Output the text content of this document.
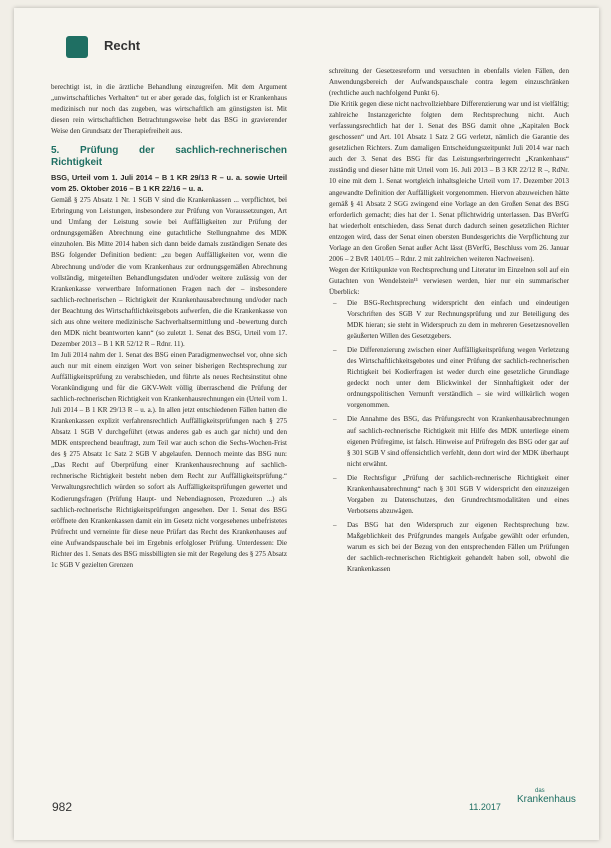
Recht

berechtigt ist, in die ärztliche Behandlung einzugreifen. Mit dem Argument „unwirtschaftliches Verhalten“ tut er aber gerade das, folglich ist er Krankenhaus medizinisch nur noch das zugeben, was wirtschaftlich am günstigsten ist. Mit diesen rein wirtschaftlichen Betrachtungsweise hebt das BSG in gravierender Weise den Grundsatz der Therapiefreiheit aus.

5. Prüfung der sachlich-rechnerischen Richtigkeit
BSG, Urteil vom 1. Juli 2014 – B 1 KR 29/13 R – u. a. sowie Urteil vom 25. Oktober 2016 – B 1 KR 22/16 – u. a.

Gemäß § 275 Absatz 1 Nr. 1 SGB V sind die Krankenkassen ... verpflichtet, bei Erbringung von Leistungen, insbesondere zur Prüfung von Voraussetzungen, Art und Umfang der Leistung sowie bei Auffälligkeiten zur Prüfung der ordnungsgemäßen Abrechnung eine gutachtliche Stellungnahme des MDK einzuholen. Bis Mitte 2014 haben sich dann beide damals zuständigen Senate des BSG folgender Definition bedient: „zu begen Auffälligkeiten vor, wenn die Abrechnung und/oder die vom Krankenhaus zur ordnungsgemäßen Abrechnung vollständig, mitgeteilten Behandlungsdaten und/oder weitere zulässig von der Krankenkasse verwertbare Informationen Fragen nach der – insbesondere sachlich-rechnerischen – Richtigkeit der Krankenhausabrechnung und/oder nach der Beachtung des Wirtschaftlichkeitsgebots aufwerfen, die die Krankenkasse von sich aus ohne weitere medizinische Sachverhaltsermittlung und -bewertung durch den MDK nicht beantworten kann“ (so zuletzt 1. Senat des BSG, Urteil vom 17. Dezember 2013 – B 1 KR 52/12 R – Rdnr. 11).

Im Juli 2014 nahm der 1. Senat des BSG einen Paradigmenwechsel vor, ohne sich auch nur mit einem einzigen Wort von seiner bisherigen Rechtsprechung zur Auffälligkeitsprüfung zu verabschieden, und führte als neues Rechtsinstitut ohne Vorankündigung und für die GKV-Welt völlig überraschend die Prüfung der sachlich-rechnerischen Richtigkeit von Krankenhausrechnungen ein (Urteil vom 1. Juli 2014 – B 1 KR 29/13 R – u. a.). In allen jetzt entschiedenen Fällen hatten die Krankenkassen explizit verfahrensrechtlich Auffälligkeitsprüfungen nach § 275 Absatz 1 SGB V durchgeführt (etwas anderes gab es auch gar nicht) und den MDK entsprechend beauftragt, zum Teil war auch schon die Sechs-Wochen-Frist des § 275 Absatz 1c Satz 2 SGB V abgelaufen. Dennoch meinte das BSG nun: „Das Recht auf Überprüfung einer Krankenhausrechnung auf sachlich-rechnerische Richtigkeit besteht neben dem Recht zur Auffälligkeitsprüfung.“ Verwaltungsrechtlich würden so sofort als Auffälligkeitsprüfungen gewertet und Kodierungsfragen (Prüfung Haupt- und Nebendiagnosen, Prozeduren ...) als sachlich-rechnerische Richtigkeitsprüfungen angesehen. Der 1. Senat des BSG eröffnete den Krankenkassen damit ein im Gesetz nicht vorgesehenes unbefristetes Prüfrecht und verneinte für diese neue Prüfart das Recht des Krankenhauses auf eine Aufwandspauschale bei im Ergebnis erfolgloser Prüfung. Unterdessen: Die Richter des 1. Senats des BSG missbilligten sie mit der Regelung des § 275 Absatz 1c SGB V gezielten Grenzen

schreitung der Gesetzesreform und versuchten in ebenfalls vielen Fällen, den Anwendungsbereich der Aufwandspauschale contra legem einzuschränken (rechtliche auch nachfolgend Punkt 6).

Die Kritik gegen diese nicht nachvollziehbare Differenzierung war und ist vielfältig; zahlreiche Instanzgerichte folgten dem Rechtsprechung nicht. Auch verfassungsrechtlich hat der 1. Senat des BSG damit ohne „Kapitalen Bock geschossen“ und Art. 101 Absatz 1 Satz 2 GG verletzt, nämlich die Garantie des gesetzlichen Richters. Zum damaligen Entscheidungszeitpunkt Juli 2014 war nach auch der 3. Senat des BSG für das Leistungserbringerrecht „Krankenhaus“ zuständig und dieser hätte mit Urteil vom 16. Juli 2013 – B 3 KR 22/12 R –, RdNr. 10 eine mit dem 1. Senat wortgleich inhaltsgleiche Urteil vom 17. Dezember 2013 angewandte Definition der Auffälligkeit vorgenommen. Hiervon abzuweichen hätte gemäß § 41 Absatz 2 SGG zwingend eine Vorlage an den Großen Senat des BSG erforderlich gemacht; dies hat der 1. Senat pflichtwidrig unterlassen. Das BVerfG hat wiederholt entschieden, dass Senat durch dadurch seinen gesetzlichen Richter entzogen wird, dass der Senat einen obersten Bundesgerichts die Verpflichtung zur Vorlage an den Großen Senat außer Acht lässt (BVerfG, Beschluss vom 26. Januar 2006 – 2 BvR 1401/05 – Rdnr. 2 mit zahlreichen weiteren Nachweisen).

Wegen der Kritikpunkte von Rechtsprechung und Literatur im Einzelnen soll auf ein Gutachten von Wendelstein¹¹ verwiesen werden, hier nur ein summarischer Überblick:

– Die BSG-Rechtsprechung widerspricht den einfach und eindeutigen Vorschriften des SGB V zur Rechnungsprüfung und zur Beteiligung des MDK hieran; sie steht in Widerspruch zu dem in mehreren Gesetzesnovellen geäußerten Willen des Gesetzgebers.
– Die Differenzierung zwischen einer Auffälligkeitsprüfung wegen Verletzung des Wirtschaftlichkeitsgebotes und einer Prüfung der sachlich-rechnerischen Richtigkeit bei Kodierfragen ist weder durch eine gesetzliche Grundlage gedeckt noch unter dem Blickwinkel der Sinnhaftigkeit oder der ordnungspolitischen Vernunft verständlich – sie wird willkürlich wogen vorgenommen.
– Die Annahme des BSG, das Prüfungsrecht von Krankenhausabrechnungen auf sachlich-rechnerische Richtigkeit mit Hilfe des MDK unterliege einem eigenen Prüfregime, ist falsch. Hinweise auf Prüfregeln des BSG oder gar auf § 301 SGB V sind offensichtlich verfehlt, denn dort wird der MDK überhaupt nicht erwähnt.
– Die Rechtsfigur „Prüfung der sachlich-rechnerische Richtigkeit einer Krankenhausabrechnung“ nach § 301 SGB V widerspricht den einzuzeigen Vorgaben zu Datenschutzes, den Grundrechtsmodalitäten und eines Verbotsens abzuwägen.
– Das BSG hat den Widerspruch zur eigenen Rechtsprechung bzw. Maßgeblichkeit des Prüfgrundes mangels Aufgabe gewählt oder erfunden, warum es sich bei der Bezug von den entsprechenden Fällen um Prüfungen der sachlich-rechnerischen Richtigkeit gehandelt haben soll, obwohl die Krankenkassen
982	11.2017
das
Krankenhaus
